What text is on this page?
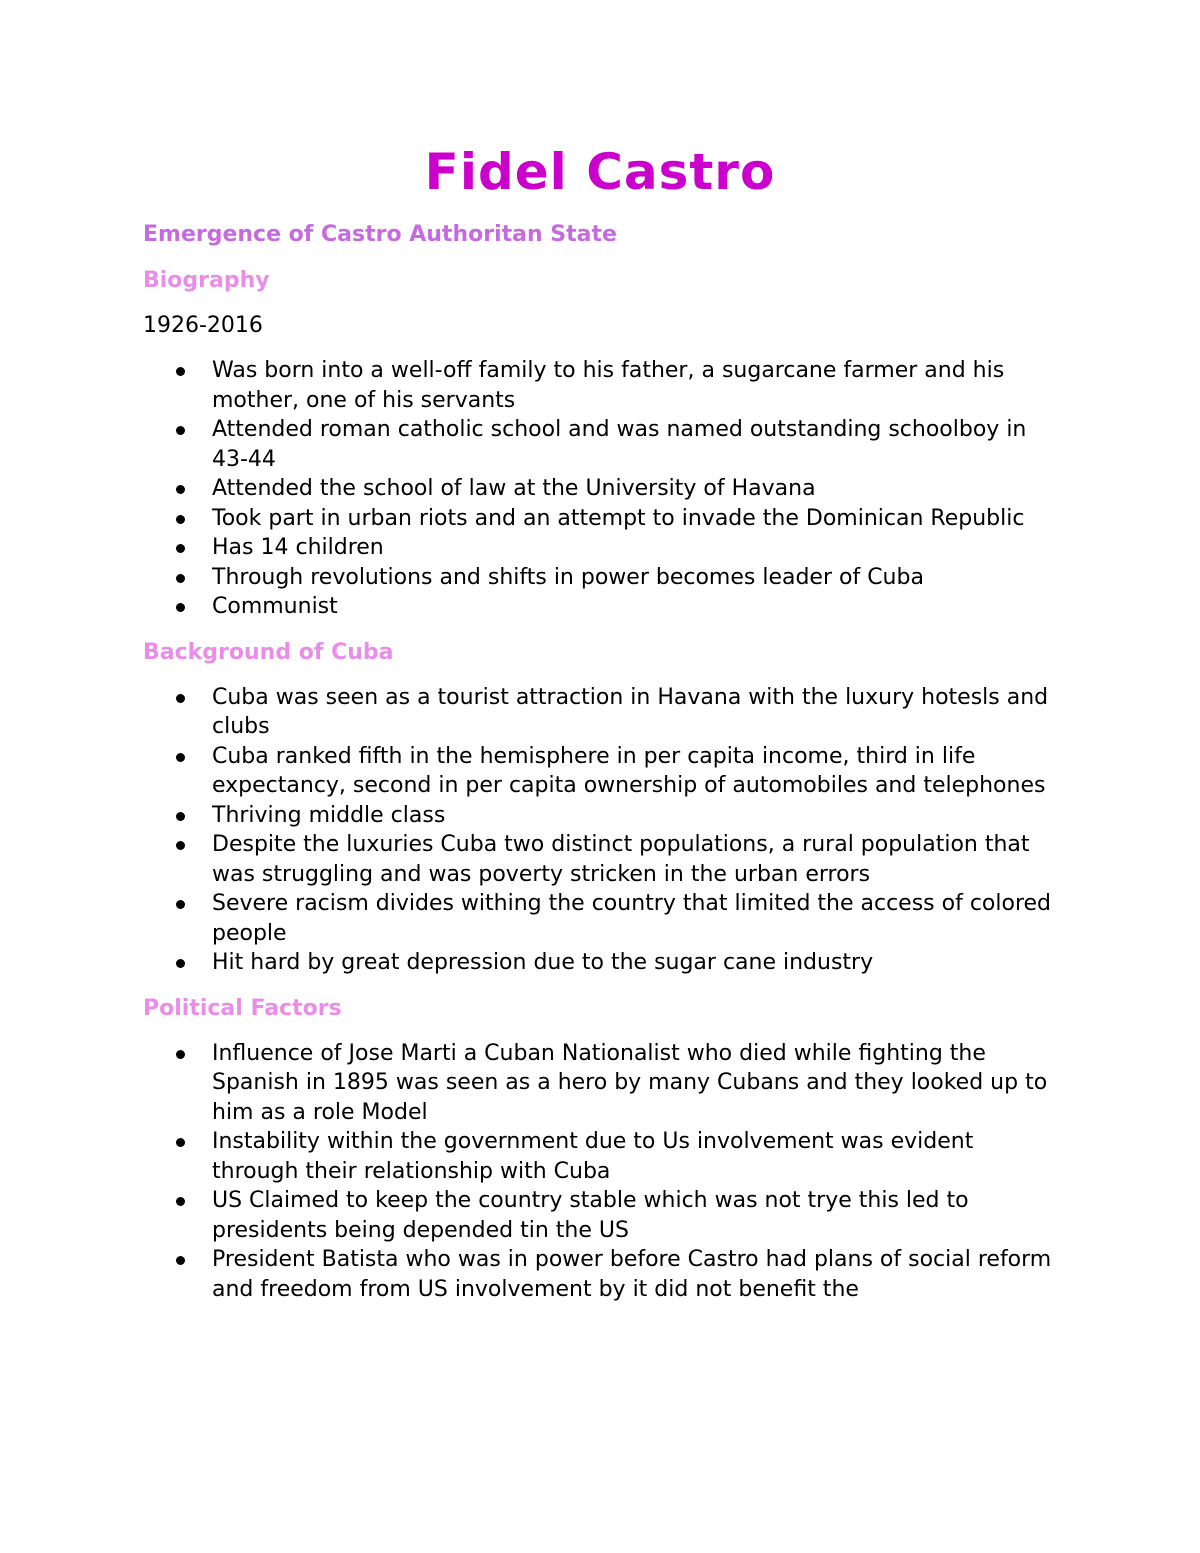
Fidel Castro
Emergence of Castro Authoritan State
Biography
1926-2016
Was born into a well-off family to his father, a sugarcane farmer and his mother, one of his servants
Attended roman catholic school and was named outstanding schoolboy in 43-44
Attended the school of law at the University of Havana
Took part in urban riots and an attempt to invade the Dominican Republic
Has 14 children
Through revolutions and shifts in power becomes leader of Cuba
Communist
Background of Cuba
Cuba was seen as a tourist attraction in Havana with the luxury hotesls and clubs
Cuba ranked fifth in the hemisphere in per capita income, third in life expectancy, second in per capita ownership of automobiles and telephones
Thriving middle class
Despite the luxuries Cuba two distinct populations, a rural population that was struggling and was poverty stricken in the urban errors
Severe racism divides withing the country that limited the access of colored people
Hit hard by great depression due to the sugar cane industry
Political Factors
Influence of Jose Marti a Cuban Nationalist who died while fighting the Spanish in 1895 was seen as a hero by many Cubans and they looked up to him as a role Model
Instability within the government due to Us involvement was evident through their relationship with Cuba
US Claimed to keep the country stable which was not trye this led to presidents being depended tin the US
President Batista who was in power before Castro had plans of social reform and freedom from US involvement by it did not benefit the
